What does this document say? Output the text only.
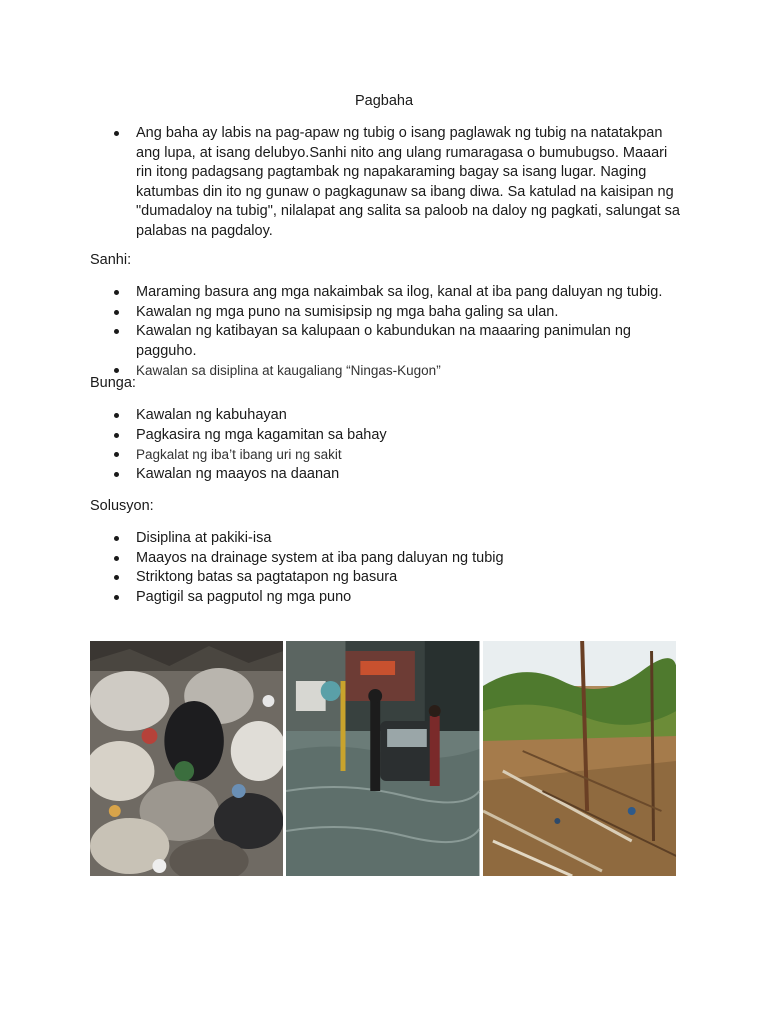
Pagbaha
Ang baha ay labis na pag-apaw ng tubig o isang paglawak ng tubig na natatakpan ang lupa, at isang delubyo.Sanhi nito ang ulang rumaragasa o bumubugso. Maaari rin itong padagsang pagtambak ng napakaraming bagay sa isang lugar. Naging katumbas din ito ng gunaw o pagkagunaw sa ibang diwa. Sa katulad na kaisipan ng "dumadaloy na tubig", nilalapat ang salita sa paloob na daloy ng pagkati, salungat sa palabas na pagdaloy.
Sanhi:
Maraming basura ang mga nakaimbak sa ilog, kanal at iba pang daluyan ng tubig.
Kawalan ng mga puno na sumisipsip ng mga baha galing sa ulan.
Kawalan ng katibayan sa kalupaan o kabundukan na maaaring panimulan ng pagguho.
Kawalan sa disiplina at kaugaliang “Ningas-Kugon”
Bunga:
Kawalan ng kabuhayan
Pagkasira ng mga kagamitan sa bahay
Pagkalat ng iba’t ibang uri ng sakit
Kawalan ng maayos na daanan
Solusyon:
Disiplina at pakiki-isa
Maayos na drainage system at iba pang daluyan ng tubig
Striktong batas sa pagtatapon ng basura
Pagtigil sa pagputol ng mga puno
